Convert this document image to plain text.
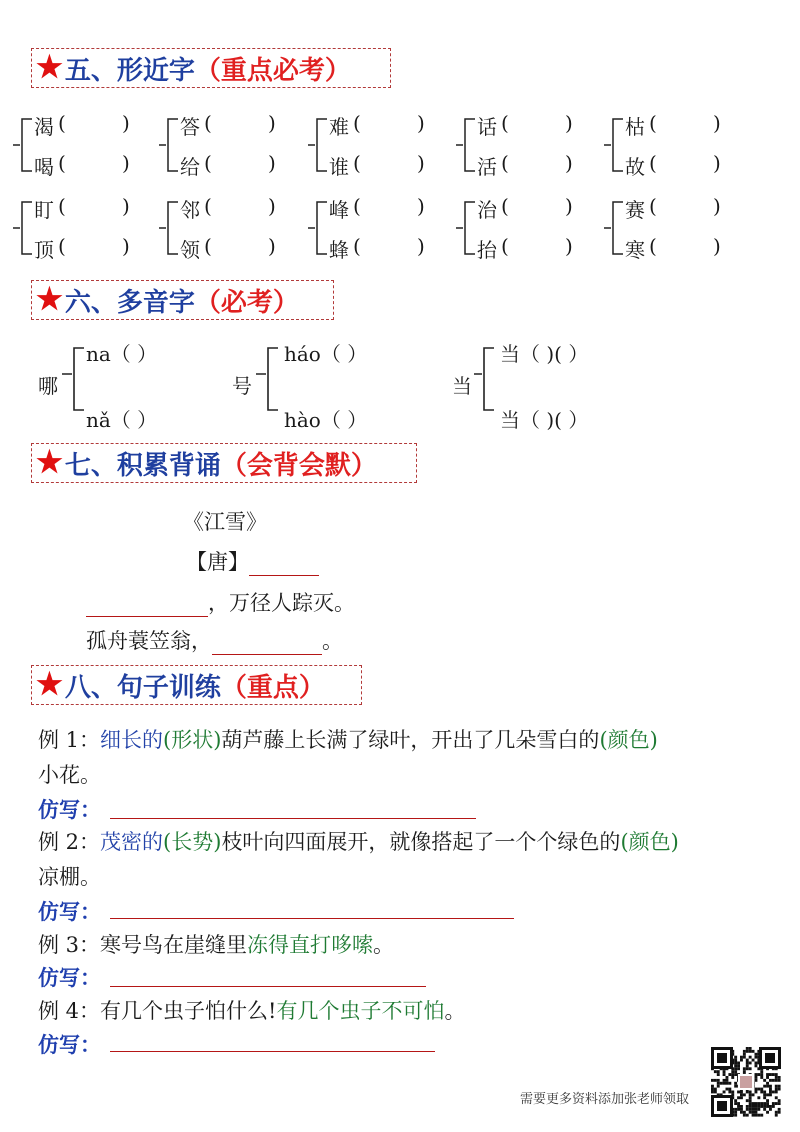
★ 五、形近字 （重点必考）
渴 (	)
喝 (	)
答 (	)
给 (	)
难 (	)
谁 (	)
话 (	)
活 (	)
枯 (	)
故 (	)
盯 (	)
顶 (	)
邻 (	)
领 (	)
峰 (	)
蜂 (	)
治 (	)
抬 (	)
赛 (	)
寒 (	)
★ 六、多音字 （必考）
哪
na（ ）
nǎ（ ）
号
háo（ ）
hào（ ）
当
当（ )( ）
当（ )( ）
★ 七、积累背诵 （会背会默）
《江雪》
【唐】
，万径人踪灭。
孤舟蓑笠翁，	。
★ 八、句子训练 （重点）
例 1：细长的(形状)葫芦藤上长满了绿叶，开出了几朵雪白的(颜色)
小花。
仿写：
例 2：茂密的(长势)枝叶向四面展开，就像搭起了一个个绿色的(颜色)
凉棚。
仿写：
例 3：寒号鸟在崖缝里冻得直打哆嗦。
仿写：
例 4：有几个虫子怕什么!有几个虫子不可怕。
仿写：
需要更多资料添加张老师领取
